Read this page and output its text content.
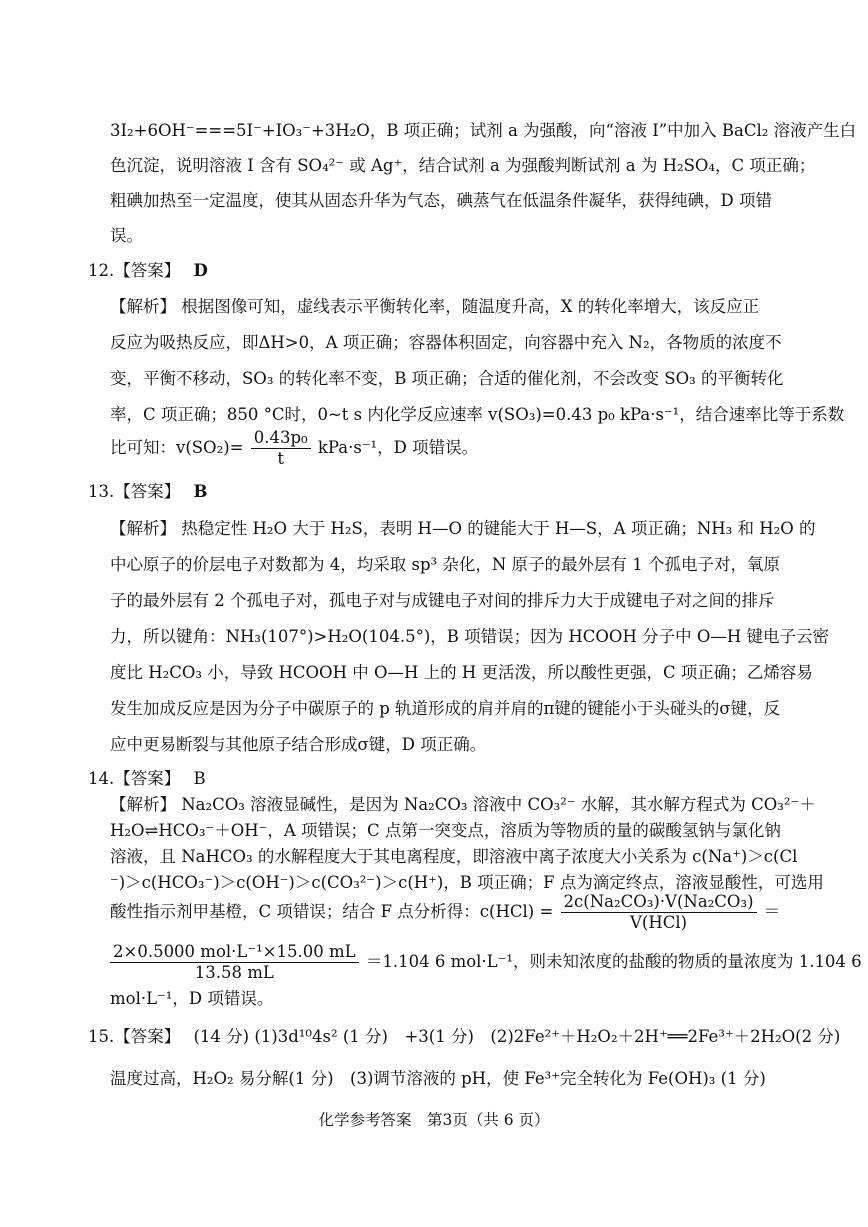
3I₂+6OH⁻===5I⁻+IO₃⁻+3H₂O，B 项正确；试剂 a 为强酸，向“溶液 I”中加入 BaCl₂ 溶液产生白
色沉淀，说明溶液 I 含有 SO₄²⁻ 或 Ag⁺，结合试剂 a 为强酸判断试剂 a 为 H₂SO₄，C 项正确；
粗碘加热至一定温度，使其从固态升华为气态，碘蒸气在低温条件凝华，获得纯碘，D 项错
误。
12.【答案】 D
【解析】 根据图像可知，虚线表示平衡转化率，随温度升高，X 的转化率增大，该反应正
反应为吸热反应，即ΔH>0，A 项正确；容器体积固定，向容器中充入 N₂，各物质的浓度不
变，平衡不移动，SO₃ 的转化率不变，B 项正确；合适的催化剂，不会改变 SO₃ 的平衡转化
率，C 项正确；850 °C时，0~t s 内化学反应速率 v(SO₃)=0.43 p₀ kPa·s⁻¹，结合速率比等于系数
比可知：$v(SO_2)= \frac{\text{0.43p₀}}{t} kPa\cdot s^{-1}$，D 项错误。
13.【答案】 B
【解析】 热稳定性 H₂O 大于 H₂S，表明 H—O 的键能大于 H—S，A 项正确；NH₃ 和 H₂O 的
中心原子的价层电子对数都为 4，均采取 sp³ 杂化，N 原子的最外层有 1 个孤电子对，氧原
子的最外层有 2 个孤电子对，孤电子对与成键电子对间的排斥力大于成键电子对之间的排斥
力，所以键角：NH₃(107°)>H₂O(104.5°)，B 项错误；因为 HCOOH 分子中 O—H 键电子云密
度比 H₂CO₃ 小，导致 HCOOH 中 O—H 上的 H 更活泼，所以酸性更强，C 项正确；乙烯容易
发生加成反应是因为分子中碳原子的 p 轨道形成的肩并肩的π键的键能小于头碰头的σ键，反
应中更易断裂与其他原子结合形成σ键，D 项正确。
14.【答案】 B
【解析】 Na₂CO₃ 溶液显碱性，是因为 Na₂CO₃ 溶液中 CO₃²⁻ 水解，其水解方程式为 CO₃²⁻＋
H₂O⇌HCO₃⁻＋OH⁻，A 项错误；C 点第一突变点，溶质为等物质的量的碳酸氢钠与氯化钠
溶液，且 NaHCO₃ 的水解程度大于其电离程度，即溶液中离子浓度大小关系为 c(Na⁺)＞c(Cl
⁻)＞c(HCO₃⁻)＞c(OH⁻)＞c(CO₃²⁻)＞c(H⁺)，B 项正确；F 点为滴定终点，溶液显酸性，可选用
酸性指示剂甲基橙，C 项错误；结合 F 点分析得：$c(HCl) = \frac{\text{2c(Na₂CO₃)·V(Na₂CO₃)}}{\text{V(HCl)}}$ ＝
$\frac{\text{2×0.5000 mol·L⁻¹×15.00 mL}}{13.58 mL} =1.104$ 6 mol·L⁻¹，则未知浓度的盐酸的物质的量浓度为 1.104 6
mol·L⁻¹，D 项错误。
15.【答案】 (14 分) (1)3d¹⁰4s² (1 分)　+3(1 分)　(2)2Fe²⁺＋H₂O₂＋2H⁺══2Fe³⁺＋2H₂O(2 分)
温度过高，H₂O₂ 易分解(1 分)　(3)调节溶液的 pH，使 Fe³⁺完全转化为 Fe(OH)₃ (1 分)
化学参考答案　第3页（共 6 页）
